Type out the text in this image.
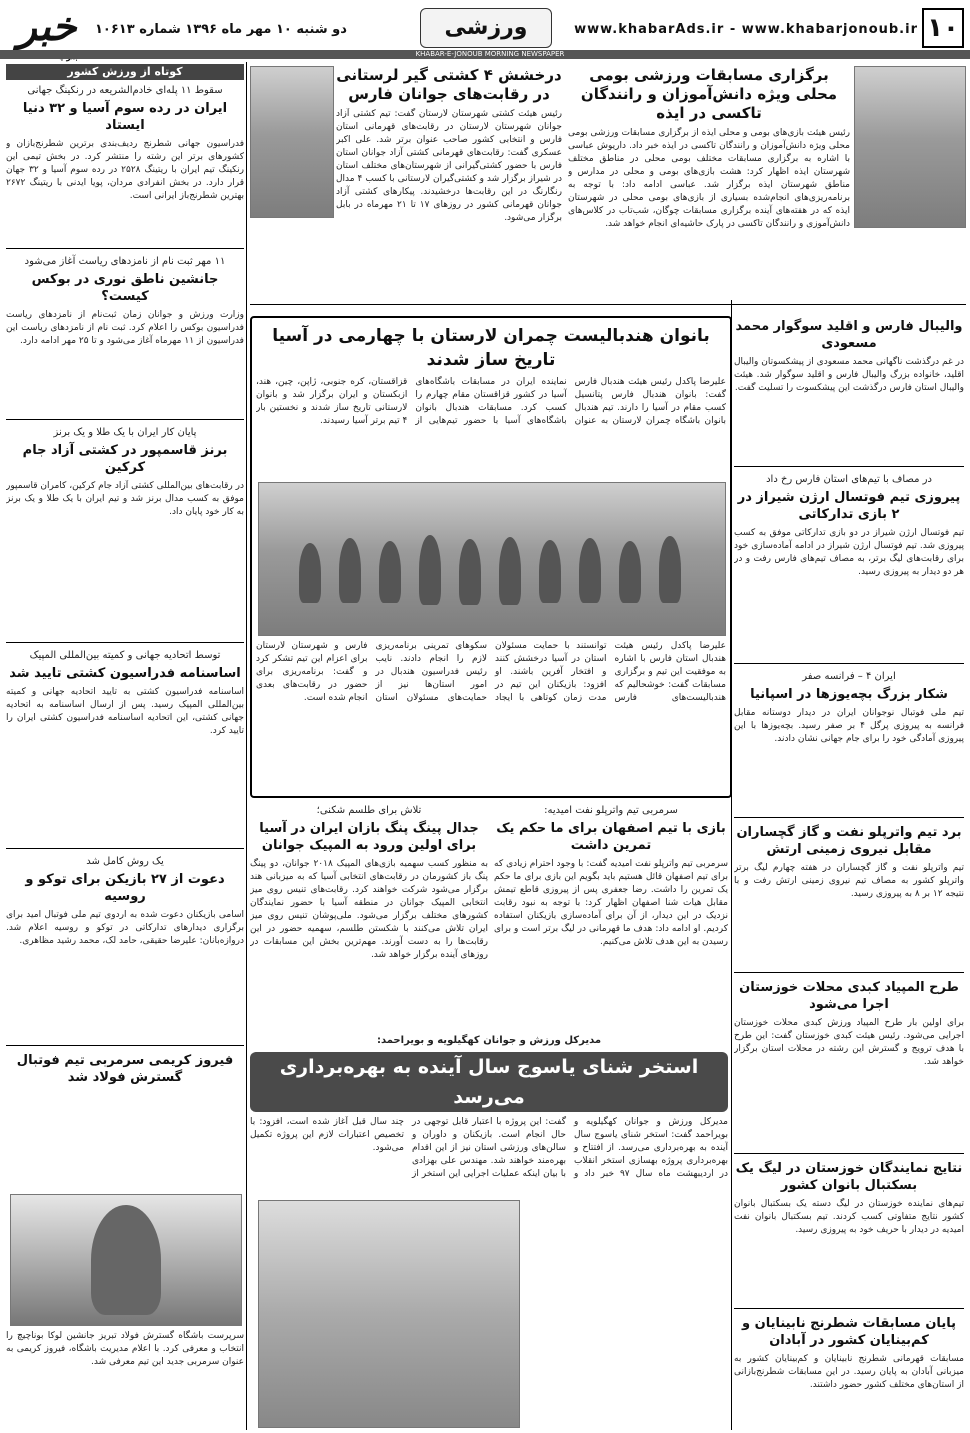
۱۰
www.khabarAds.ir - www.khabarjonoub.ir
ورزشی
دو شنبه ۱۰ مهر ماه ۱۳۹۶ شماره ۱۰۶۱۳
خبر
KHABAR-E-JONOUB MORNING NEWSPAPER
برگزاری مسابقات ورزشی بومی محلی ویژه دانش‌آموزان و رانندگان تاکسی در ایذه
رئیس هیئت بازی‌های بومی و محلی ایذه از برگزاری مسابقات ورزشی بومی محلی ویژه دانش‌آموزان و رانندگان تاکسی در ایذه خبر داد. داریوش عباسی با اشاره به برگزاری مسابقات مختلف بومی محلی در مناطق مختلف شهرستان ایذه اظهار کرد: هشت بازی‌های بومی و محلی در مدارس و مناطق شهرستان ایذه برگزار شد. عباسی ادامه داد: با توجه به برنامه‌ریزی‌های انجام‌شده بسیاری از بازی‌های بومی محلی در شهرستان ایذه که در هفته‌های آینده برگزاری مسابقات چوگان، شب‌تاب در کلاس‌های دانش‌آموزی و رانندگان تاکسی در پارک حاشیه‌ای انجام خواهد شد.
درخشش ۴ کشتی گیر لرستانی در رقابت‌های جوانان فارس
رئیس هیئت کشتی شهرستان لارستان گفت: تیم کشتی آزاد جوانان شهرستان لارستان در رقابت‌های قهرمانی استان فارس و انتخابی کشور صاحب عنوان برتر شد. علی اکبر عسکری گفت: رقابت‌های قهرمانی کشتی آزاد جوانان استان فارس با حضور کشتی‌گیرانی از شهرستان‌های مختلف استان در شیراز برگزار شد و کشتی‌گیران لارستانی با کسب ۴ مدال رنگارنگ در این رقابت‌ها درخشیدند. پیکارهای کشتی آزاد جوانان قهرمانی کشور در روزهای ۱۷ تا ۲۱ مهرماه در بابل برگزار می‌شود.
بانوان هندبالیست چمران لارستان با چهارمی در آسیا تاریخ ساز شدند
علیرضا پاکدل رئیس هیئت هندبال فارس گفت: بانوان هندبال فارس پتانسیل کسب مقام در آسیا را دارند. تیم هندبال بانوان باشگاه چمران لارستان به عنوان نماینده ایران در مسابقات باشگاه‌های آسیا در کشور قزاقستان مقام چهارم را کسب کرد. مسابقات هندبال بانوان باشگاه‌های آسیا با حضور تیم‌هایی از قزاقستان، کره جنوبی، ژاپن، چین، هند، ازبکستان و ایران برگزار شد و بانوان لارستانی تاریخ ساز شدند و نخستین بار ۴ تیم برتر آسیا رسیدند.
علیرضا پاکدل رئیس هیئت هندبال استان فارس با اشاره به موفقیت این تیم و برگزاری مسابقات گفت: خوشحالیم که هندبالیست‌های فارس توانستند با حمایت مسئولان استان در آسیا درخشش کنند و افتخار آفرین باشند. او افزود: بازیکنان این تیم در مدت زمان کوتاهی با ایجاد سکوهای تمرینی برنامه‌ریزی لازم را انجام دادند. نایب رئیس فدراسیون هندبال در امور استان‌ها نیز از حمایت‌های مسئولان استان فارس و شهرستان لارستان برای اعزام این تیم تشکر کرد و گفت: برنامه‌ریزی برای حضور در رقابت‌های بعدی انجام شده است.
تلاش برای طلسم شکنی؛
جدال پینگ پنگ بازان ایران در آسیا برای اولین ورود به المپیک جوانان
به منظور کسب سهمیه بازی‌های المپیک ۲۰۱۸ جوانان، دو پینگ پنگ باز کشورمان در رقابت‌های انتخابی آسیا که به میزبانی هند برگزار می‌شود شرکت خواهند کرد. رقابت‌های تنیس روی میز انتخابی المپیک جوانان در منطقه آسیا با حضور نمایندگان کشورهای مختلف برگزار می‌شود. ملی‌پوشان تنیس روی میز ایران تلاش می‌کنند با شکستن طلسم، سهمیه حضور در این رقابت‌ها را به دست آورند. مهم‌ترین بخش این مسابقات در روزهای آینده برگزار خواهد شد.
سرمربی تیم واترپلو نفت امیدیه:
بازی با تیم اصفهان برای ما حکم یک تمرین داشت
سرمربی تیم واترپلو نفت امیدیه گفت: با وجود احترام زیادی که برای تیم اصفهان قائل هستیم باید بگویم این بازی برای ما حکم یک تمرین را داشت. رضا جعفری پس از پیروزی قاطع تیمش مقابل هیات شنا اصفهان اظهار کرد: با توجه به نبود رقابت نزدیک در این دیدار، از آن برای آماده‌سازی بازیکنان استفاده کردیم. او ادامه داد: هدف ما قهرمانی در لیگ برتر است و برای رسیدن به این هدف تلاش می‌کنیم.
مدیرکل ورزش و جوانان کهگیلویه و بویراحمد:
استخر شنای یاسوج سال آینده به بهره‌برداری می‌رسد
مدیرکل ورزش و جوانان کهگیلویه و بویراحمد گفت: استخر شنای یاسوج سال آینده به بهره‌برداری می‌رسد. از افتتاح و بهره‌برداری پروژه بهسازی استخر انقلاب در اردیبهشت ماه سال ۹۷ خبر داد و گفت: این پروژه با اعتبار قابل توجهی در حال انجام است. بازیکنان و داوران و سالن‌های ورزشی استان نیز از این اقدام بهره‌مند خواهند شد. مهندس علی بهزادی با بیان اینکه عملیات اجرایی این استخر از چند سال قبل آغاز شده است، افزود: با تخصیص اعتبارات لازم این پروژه تکمیل می‌شود.
کوتاه از ورزش کشور
سقوط ۱۱ پله‌ای خادم‌الشریعه در رنکینگ جهانی
ایران در رده سوم آسیا و ۳۲ دنیا ایستاد
فدراسیون جهانی شطرنج ردیف‌بندی برترین شطرنج‌بازان و کشورهای برتر این رشته را منتشر کرد. در بخش تیمی این رنکینگ تیم ایران با ریتینگ ۲۵۲۸ در رده سوم آسیا و ۳۲ جهان قرار دارد. در بخش انفرادی مردان، پویا ایدنی با ریتینگ ۲۶۷۲ بهترین شطرنج‌باز ایرانی است.
۱۱ مهر ثبت نام از نامزدهای ریاست آغاز می‌شود
جانشین ناطق نوری در بوکس کیست؟
وزارت ورزش و جوانان زمان ثبت‌نام از نامزدهای ریاست فدراسیون بوکس را اعلام کرد. ثبت نام از نامزدهای ریاست این فدراسیون از ۱۱ مهرماه آغاز می‌شود و تا ۲۵ مهر ادامه دارد.
پایان کار ایران با یک طلا و یک برنز
برنز قاسمپور در کشتی آزاد جام کرکین
در رقابت‌های بین‌المللی کشتی آزاد جام کرکین، کامران قاسمپور موفق به کسب مدال برنز شد و تیم ایران با یک طلا و یک برنز به کار خود پایان داد.
توسط اتحادیه جهانی و کمیته بین‌المللی المپیک
اساسنامه فدراسیون کشتی تایید شد
اساسنامه فدراسیون کشتی به تایید اتحادیه جهانی و کمیته بین‌المللی المپیک رسید. پس از ارسال اساسنامه به اتحادیه جهانی کشتی، این اتحادیه اساسنامه فدراسیون کشتی ایران را تایید کرد.
یک روش کامل شد
دعوت از ۲۷ بازیکن برای توکو و روسیه
اسامی بازیکنان دعوت شده به اردوی تیم ملی فوتبال امید برای برگزاری دیدارهای تدارکاتی در توکو و روسیه اعلام شد. دروازه‌بانان: علیرضا حقیقی، حامد لک، محمد رشید مظاهری.
فیروز کریمی سرمربی تیم فوتبال گسترش فولاد شد
سرپرست باشگاه گسترش فولاد تبریز جانشین لوکا بوناچیچ را انتخاب و معرفی کرد. با اعلام مدیریت باشگاه، فیروز کریمی به عنوان سرمربی جدید این تیم معرفی شد.
والیبال فارس و اقلید سوگوار محمد مسعودی
در غم درگذشت ناگهانی محمد مسعودی از پیشکسوتان والیبال اقلید، خانواده بزرگ والیبال فارس و اقلید سوگوار شد. هیئت والیبال استان فارس درگذشت این پیشکسوت را تسلیت گفت.
در مصاف با تیم‌های استان فارس رخ داد
پیروزی تیم فوتسال ارژن شیراز در ۲ بازی تدارکاتی
تیم فوتسال ارژن شیراز در دو بازی تدارکاتی موفق به کسب پیروزی شد. تیم فوتسال ارژن شیراز در ادامه آماده‌سازی خود برای رقابت‌های لیگ برتر، به مصاف تیم‌های فارس رفت و در هر دو دیدار به پیروزی رسید.
ایران ۴ – فرانسه صفر
شکار بزرگ بچه‌یوزها در اسپانیا
تیم ملی فوتبال نوجوانان ایران در دیدار دوستانه مقابل فرانسه به پیروزی پرگل ۴ بر صفر رسید. بچه‌یوزها با این پیروزی آمادگی خود را برای جام جهانی نشان دادند.
برد تیم واترپلو نفت و گاز گچساران مقابل نیروی زمینی ارتش
تیم واترپلو نفت و گاز گچساران در هفته چهارم لیگ برتر واترپلو کشور به مصاف تیم نیروی زمینی ارتش رفت و با نتیجه ۱۲ بر ۸ به پیروزی رسید.
طرح المپیاد کبدی محلات خوزستان اجرا می‌شود
برای اولین بار طرح المپیاد ورزش کبدی محلات خوزستان اجرایی می‌شود. رئیس هیئت کبدی خوزستان گفت: این طرح با هدف ترویج و گسترش این رشته در محلات استان برگزار خواهد شد.
نتایج نمایندگان خوزستان در لیگ یک بسکتبال بانوان کشور
تیم‌های نماینده خوزستان در لیگ دسته یک بسکتبال بانوان کشور نتایج متفاوتی کسب کردند. تیم بسکتبال بانوان نفت امیدیه در دیدار با حریف خود به پیروزی رسید.
پایان مسابقات شطرنج نابینایان و کم‌بینایان کشور در آبادان
مسابقات قهرمانی شطرنج نابینایان و کم‌بینایان کشور به میزبانی آبادان به پایان رسید. در این مسابقات شطرنج‌بازانی از استان‌های مختلف کشور حضور داشتند.
